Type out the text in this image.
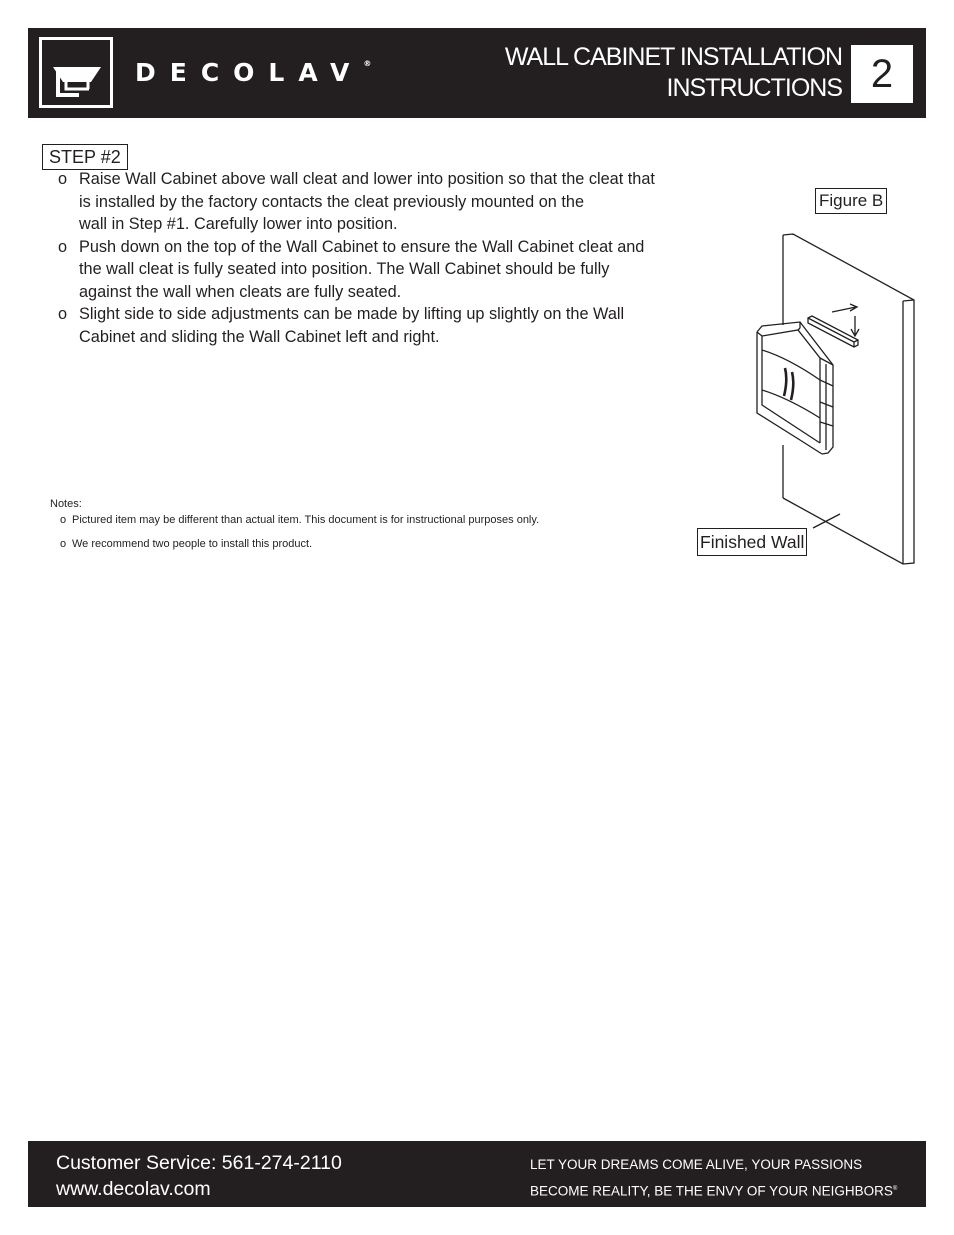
DECOLAV®	WALL CABINET INSTALLATION
INSTRUCTIONS 2
STEP #2
o Raise Wall Cabinet above wall cleat and lower into position so that the cleat that
is installed by the factory contacts the cleat previously mounted on the
wall in Step #1. Carefully lower into position.
o Push down on the top of the Wall Cabinet to ensure the Wall Cabinet cleat and
the wall cleat is fully seated into position. The Wall Cabinet should be fully
against the wall when cleats are fully seated.
o Slight side to side adjustments can be made by lifting up slightly on the Wall
Cabinet and sliding the Wall Cabinet left and right.
Notes:
o Pictured item may be different than actual item. This document is for instructional purposes only.
o We recommend two people to install this product.
Figure B
Finished Wall
Customer Service: 561-274-2110
www.decolav.com
LET YOUR DREAMS COME ALIVE, YOUR PASSIONS
BECOME REALITY, BE THE ENVY OF YOUR NEIGHBORS®
